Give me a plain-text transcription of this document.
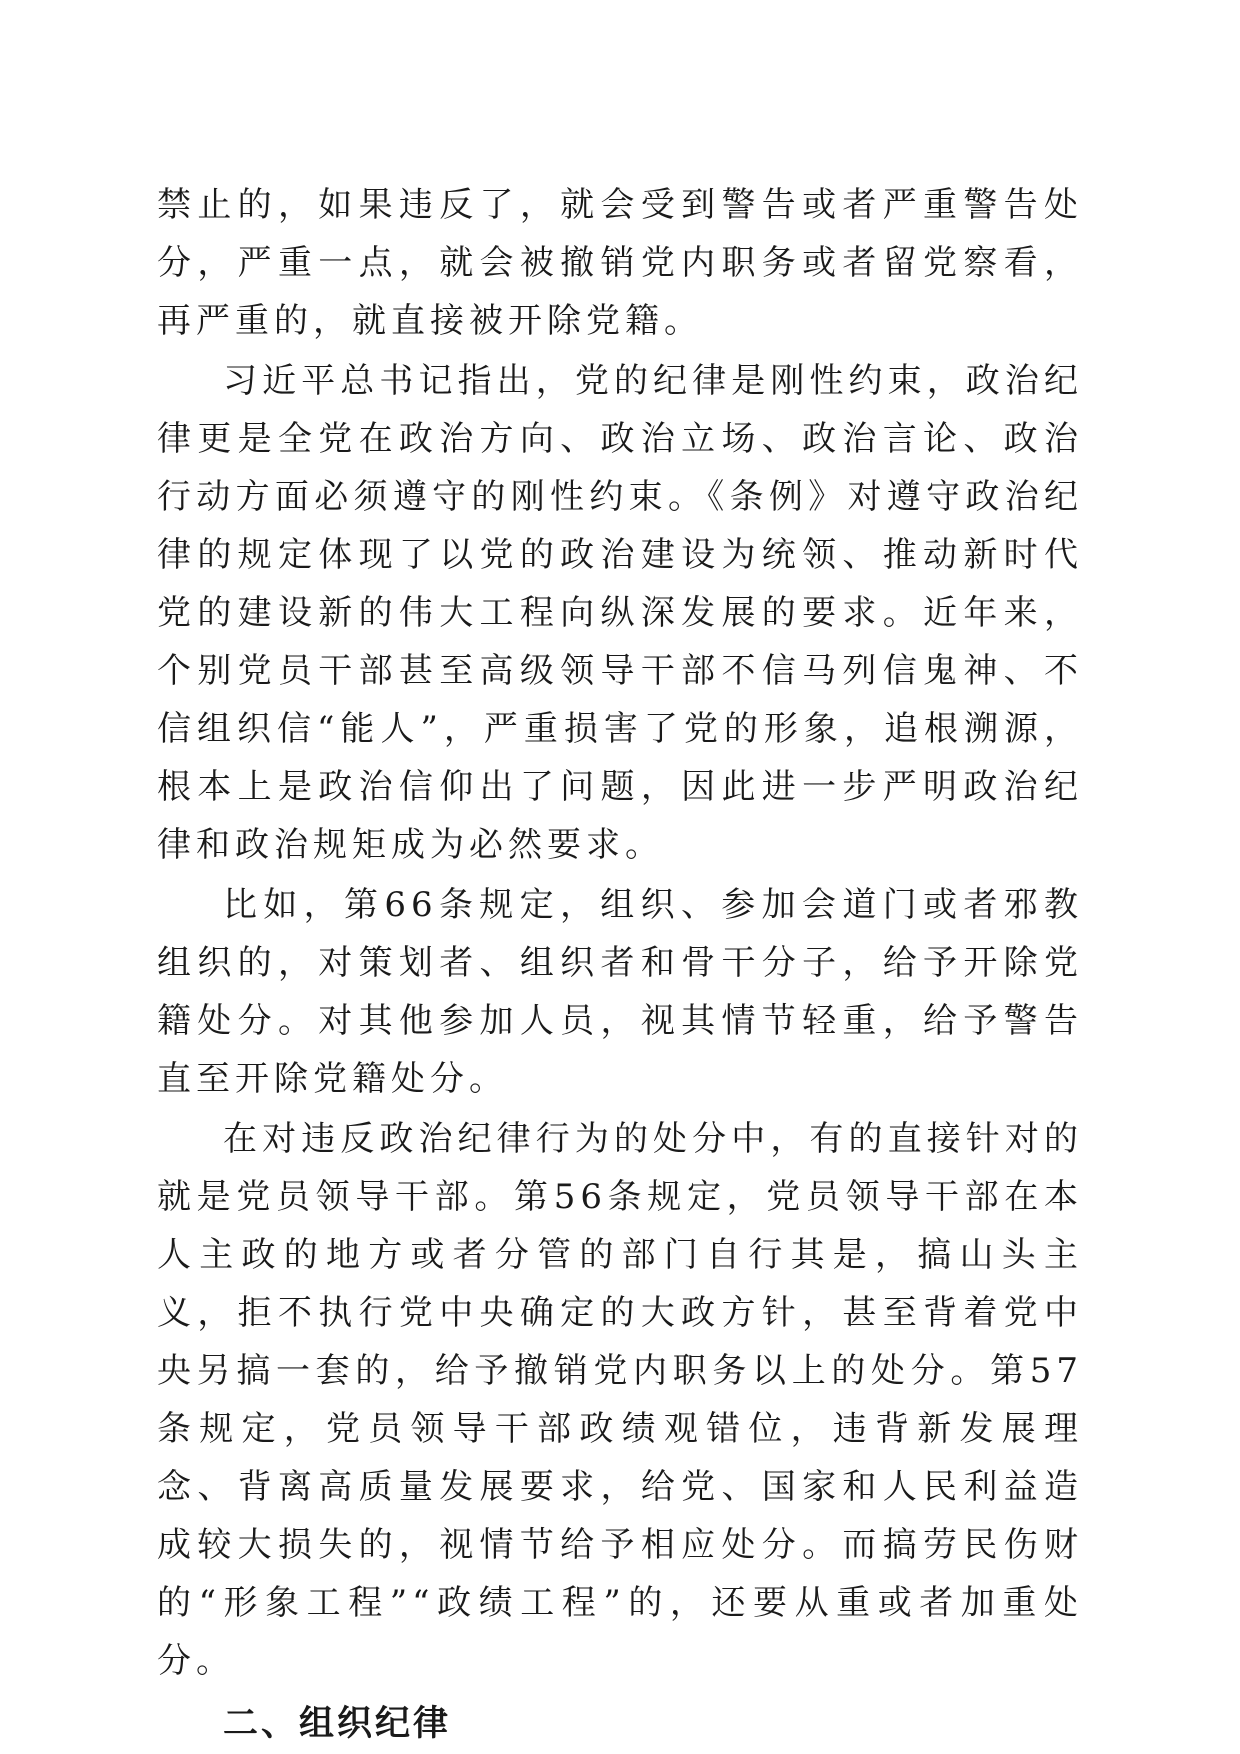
禁止的，如果违反了，就会受到警告或者严重警告处分，严重一点，就会被撤销党内职务或者留党察看，再严重的，就直接被开除党籍。

习近平总书记指出，党的纪律是刚性约束，政治纪律更是全党在政治方向、政治立场、政治言论、政治行动方面必须遵守的刚性约束。《条例》对遵守政治纪律的规定体现了以党的政治建设为统领、推动新时代党的建设新的伟大工程向纵深发展的要求。近年来，个别党员干部甚至高级领导干部不信马列信鬼神、不信组织信“能人”，严重损害了党的形象，追根溯源，根本上是政治信仰出了问题，因此进一步严明政治纪律和政治规矩成为必然要求。

比如，第66条规定，组织、参加会道门或者邪教组织的，对策划者、组织者和骨干分子，给予开除党籍处分。对其他参加人员，视其情节轻重，给予警告直至开除党籍处分。

在对违反政治纪律行为的处分中，有的直接针对的就是党员领导干部。第56条规定，党员领导干部在本人主政的地方或者分管的部门自行其是，搞山头主义，拒不执行党中央确定的大政方针，甚至背着党中央另搞一套的，给予撤销党内职务以上的处分。第57条规定，党员领导干部政绩观错位，违背新发展理念、背离高质量发展要求，给党、国家和人民利益造成较大损失的，视情节给予相应处分。而搞劳民伤财的“形象工程”“政绩工程”的，还要从重或者加重处分。

二、组织纪律
